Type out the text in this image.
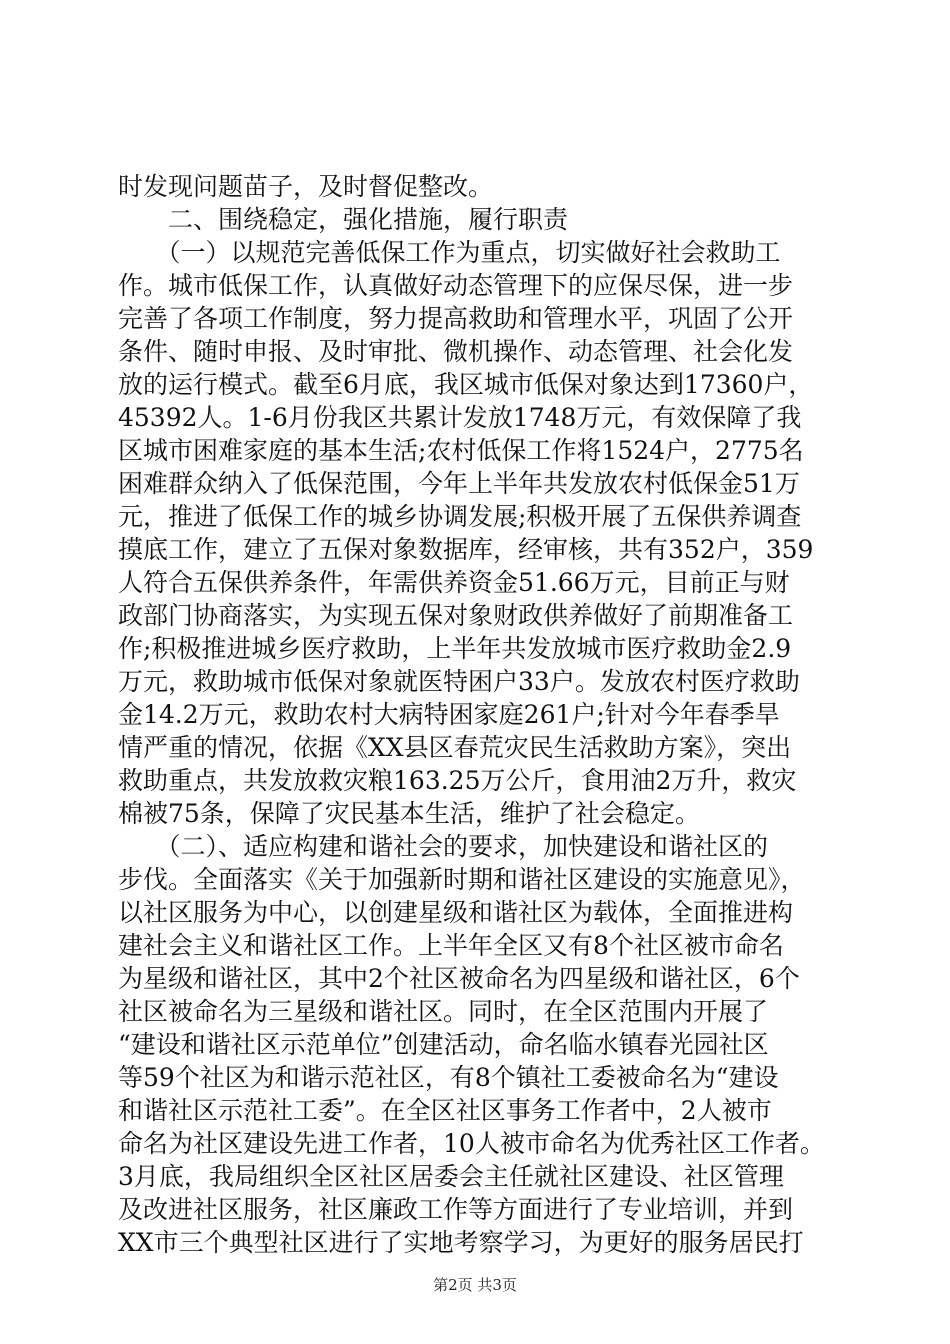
时发现问题苗子，及时督促整改。
　　二、围绕稳定，强化措施，履行职责
　　（一）以规范完善低保工作为重点，切实做好社会救助工
作。城市低保工作，认真做好动态管理下的应保尽保，进一步
完善了各项工作制度，努力提高救助和管理水平，巩固了公开
条件、随时申报、及时审批、微机操作、动态管理、社会化发
放的运行模式。截至6月底，我区城市低保对象达到17360户，
45392人。1-6月份我区共累计发放1748万元，有效保障了我
区城市困难家庭的基本生活;农村低保工作将1524户，2775名
困难群众纳入了低保范围，今年上半年共发放农村低保金51万
元，推进了低保工作的城乡协调发展;积极开展了五保供养调查
摸底工作，建立了五保对象数据库，经审核，共有352户，359
人符合五保供养条件，年需供养资金51.66万元，目前正与财
政部门协商落实，为实现五保对象财政供养做好了前期准备工
作;积极推进城乡医疗救助，上半年共发放城市医疗救助金2.9
万元，救助城市低保对象就医特困户33户。发放农村医疗救助
金14.2万元，救助农村大病特困家庭261户;针对今年春季旱
情严重的情况，依据《XX县区春荒灾民生活救助方案》，突出
救助重点，共发放救灾粮163.25万公斤，食用油2万升，救灾
棉被75条，保障了灾民基本生活，维护了社会稳定。
　　（二）、适应构建和谐社会的要求，加快建设和谐社区的
步伐。全面落实《关于加强新时期和谐社区建设的实施意见》，
以社区服务为中心，以创建星级和谐社区为载体，全面推进构
建社会主义和谐社区工作。上半年全区又有8个社区被市命名
为星级和谐社区，其中2个社区被命名为四星级和谐社区，6个
社区被命名为三星级和谐社区。同时，在全区范围内开展了
“建设和谐社区示范单位”创建活动，命名临水镇春光园社区
等59个社区为和谐示范社区，有8个镇社工委被命名为“建设
和谐社区示范社工委”。在全区社区事务工作者中，2人被市
命名为社区建设先进工作者，10人被市命名为优秀社区工作者。
3月底，我局组织全区社区居委会主任就社区建设、社区管理
及改进社区服务，社区廉政工作等方面进行了专业培训，并到
XX市三个典型社区进行了实地考察学习，为更好的服务居民打
第2页 共3页
